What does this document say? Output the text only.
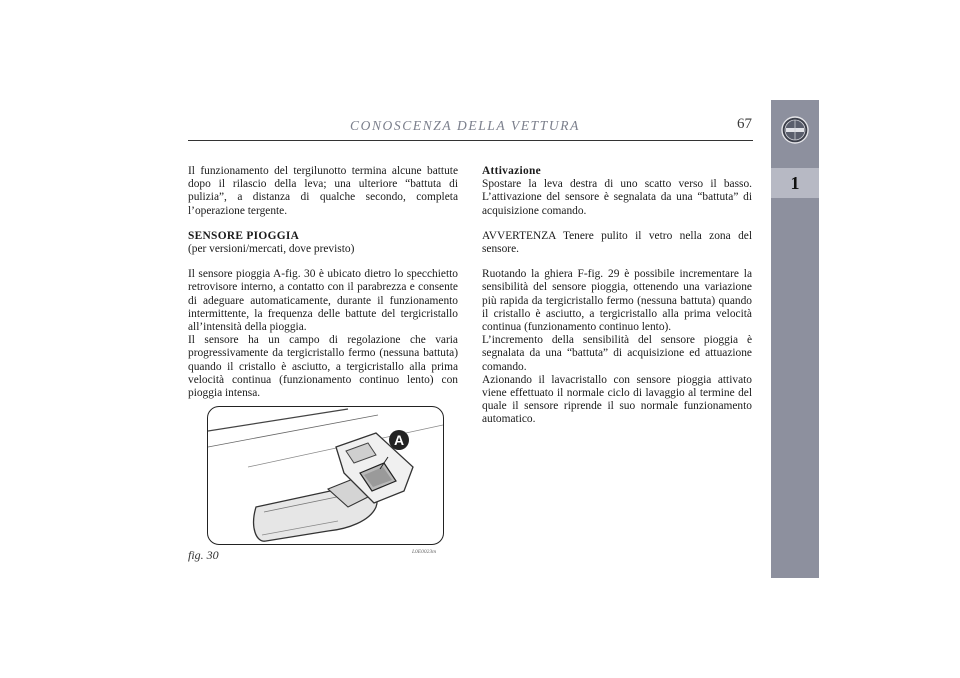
CONOSCENZA DELLA VETTURA	67
1

Il funzionamento del tergilunotto termina alcune battute dopo il rilascio della leva; una ulteriore “battuta di pulizia”, a distanza di qualche secondo, completa l’operazione tergente.

SENSORE PIOGGIA

(per versioni/mercati, dove previsto)

Il sensore pioggia A-fig. 30 è ubicato dietro lo specchietto retrovisore interno, a contatto con il parabrezza e consente di adeguare automaticamente, durante il funzionamento intermittente, la frequenza delle battute del tergicristallo all’intensità della pioggia.

Il sensore ha un campo di regolazione che varia progressivamente da tergicristallo fermo (nessuna battuta) quando il cristallo è asciutto, a tergicristallo alla prima velocità continua (funzionamento continuo lento) con pioggia intensa.

Attivazione

Spostare la leva destra di uno scatto verso il basso. L’attivazione del sensore è segnalata da una “battuta” di acquisizione comando.

AVVERTENZA Tenere pulito il vetro nella zona del sensore.

Ruotando la ghiera F-fig. 29 è possibile incrementare la sensibilità del sensore pioggia, ottenendo una variazione più rapida da tergicristallo fermo (nessuna battuta) quando il cristallo è asciutto, a tergicristallo alla prima velocità continua (funzionamento continuo lento).

L’incremento della sensibilità del sensore pioggia è segnalata da una “battuta” di acquisizione ed attuazione comando.

Azionando il lavacristallo con sensore pioggia attivato viene effettuato il normale ciclo di lavaggio al termine del quale il sensore riprende il suo normale funzionamento automatico.

A
fig. 30	L0E0023m
